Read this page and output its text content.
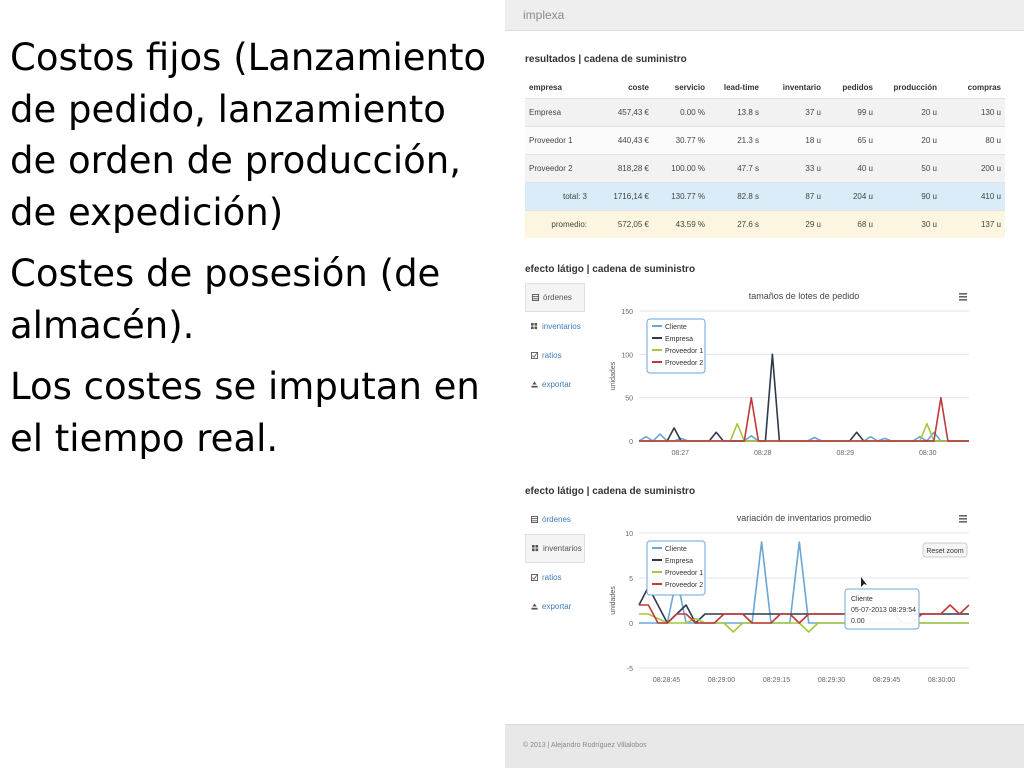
Costos fijos (Lanzamiento de pedido, lanzamiento de orden de producción, de expedición)

Costes de posesión (de almacén).

Los costes se imputan en el tiempo real.

implexa
resultados | cadena de suministro
empresa	coste	servicio	lead-time	inventario	pedidos	producción	compras
Empresa	457,43 €	0.00 %	13.8 s	37 u	99 u	20 u	130 u
Proveedor 1	440,43 €	30.77 %	21.3 s	18 u	65 u	20 u	80 u
Proveedor 2	818,28 €	100.00 %	47.7 s	33 u	40 u	50 u	200 u
total: 3	1716,14 €	130.77 %	82.8 s	87 u	204 u	90 u	410 u
promedio:	572,05 €	43.59 %	27.6 s	29 u	68 u	30 u	137 u
efecto látigo | cadena de suministro
órdenes
inventarios
ratios
exportar
tamaños de lotes de pedido
0
50
100
150
unidades
08:27	08:28	08:29	08:30
Cliente
Empresa
Proveedor 1
Proveedor 2
efecto látigo | cadena de suministro
órdenes
inventarios
ratios
exportar
variación de inventarios promedio
-5
0
5
10
unidades
08:28:45	08:29:00	08:29:15	08:29:30	08:29:45	08:30:00
Cliente
Empresa
Proveedor 1
Proveedor 2
Reset zoom
Cliente
05-07-2013 08:29:54
0.00
© 2013 | Alejandro Rodríguez Villalobos
